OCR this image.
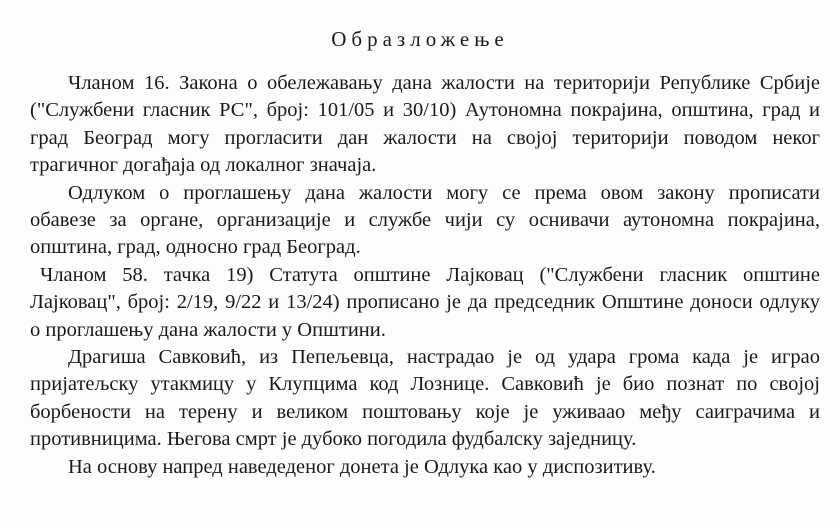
Образложење

Чланом 16. Закона о обележавању дана жалости на територији Републике Србије
("Службени гласник РС", број: 101/05 и 30/10) Аутономна покрајина, општина, град и
град Београд могу прогласити дан жалости на својој територији поводом неког
трагичног догађаја од локалног значаја.

Одлуком о проглашењу дана жалости могу се према овом закону прописати
обавезе за органе, организације и службе чији су оснивачи аутономна покрајина,
општина, град, односно град Београд.

Чланом 58. тачка 19) Статута општине Лајковац ("Службени гласник општине
Лајковац", број: 2/19, 9/22 и 13/24) прописано је да председник Општине доноси одлуку
о проглашењу дана жалости у Општини.

Драгиша Савковић, из Пепељевца, настрадао је од удара грома када је играо
пријатељску утакмицу у Клупцима код Лознице. Савковић је био познат по својој
борбености на терену и великом поштовању које је уживаао међу саиграчима и
противницима. Његова смрт је дубоко погодила фудбалску заједницу.

На основу напред наведеденог донета је Одлука као у диспозитиву.
